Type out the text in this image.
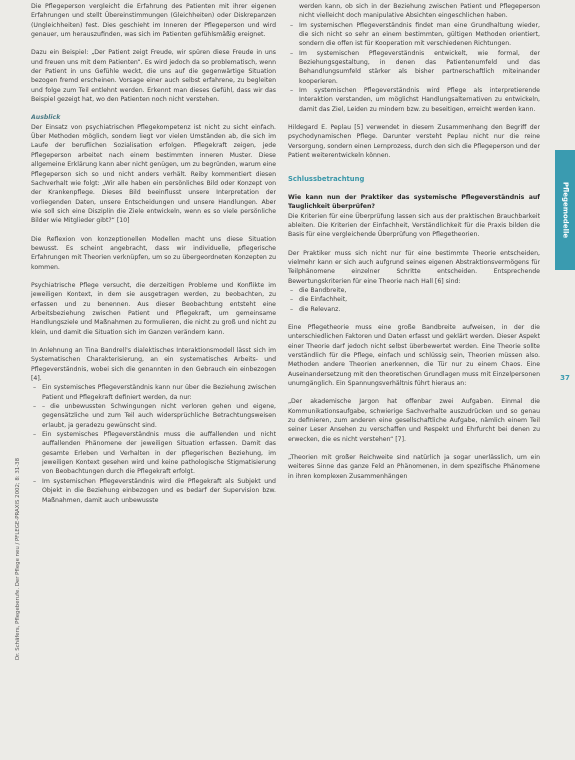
Die Pflegeperson vergleicht die Erfahrung des Patienten mit ihrer eigenen Erfahrungen und stellt Übereinstimmungen (Gleichheiten) oder Diskrepanzen (Ungleichheiten) fest. Dies geschieht im Inneren der Pflegeperson und wird genauer, um herauszufinden, was sich im Patienten gefühlsmäßig ereignet.

Dazu ein Beispiel: „Der Patient zeigt Freude, wir spüren diese Freude in uns und freuen uns mit dem Patienten“. Es wird jedoch da so problematisch, wenn der Patient in uns Gefühle weckt, die uns auf die gegenwärtige Situation bezogen fremd erscheinen. Vorsage einer auch selbst erfahrene, zu begleiten und folge zum Teil entlehnt werden. Erkennt man dieses Gefühl, dass wir das Beispiel gezeigt hat, wo den Patienten noch nicht verstehen.

Ausblick

Der Einsatz von psychiatrischen Pflegekompetenz ist nicht zu sicht einfach. Über Methoden möglich, sondern liegt vor vielen Umständen ab, die sich im Laufe der beruflichen Sozialisation erfolgen. Pflegekraft zeigen, jede Pflegeperson arbeitet nach einem bestimmten inneren Muster. Diese allgemeine Erklärung kann aber nicht genügen, um zu begründen, warum eine Pflegeperson sich so und nicht anders verhält. Reiby kommentiert diesen Sachverhalt wie folgt: „Wir alle haben ein persönliches Bild oder Konzept von der Krankenpflege. Dieses Bild beeinflusst unsere Interpretation der vorliegenden Daten, unsere Entscheidungen und unsere Handlungen. Aber wie soll sich eine Disziplin die Ziele entwickeln, wenn es so viele persönliche Bilder wie Mitglieder gibt?“ [10]

Die Reflexion von konzeptionellen Modellen macht uns diese Situation bewusst. Es scheint angebracht, dass wir individuelle, pflegerische Erfahrungen mit Theorien verknüpfen, um so zu übergeordneten Konzepten zu kommen.

Psychiatrische Pflege versucht, die derzeitigen Probleme und Konflikte im jeweiligen Kontext, in dem sie ausgetragen werden, zu beobachten, zu erfassen und zu benennen. Aus dieser Beobachtung entsteht eine Arbeitsbeziehung zwischen Patient und Pflegekraft, um gemeinsame Handlungsziele und Maßnahmen zu formulieren, die nicht zu groß und nicht zu klein, und damit die Situation sich im Ganzen verändern kann.

In Anlehnung an Tina Bandrell's dialektisches Interaktionsmodell lässt sich im Systematischen Charakterisierung, an ein systematisches Arbeits- und Pflegeverständnis, wobei sich die genannten in den Gebrauch ein einbezogen [4].

– Ein systemisches Pflegeverständnis kann nur über die Beziehung zwischen Patient und Pflegekraft definiert werden, da nur:
– – die unbewussten Schwingungen nicht verloren gehen und eigene, gegensätzliche und zum Teil auch widersprüchliche Betrachtungsweisen erlaubt, ja geradezu gewünscht sind.
– Ein systemisches Pflegeverständnis muss die auffallenden und nicht auffallenden Phänomene der jeweiligen Situation erfassen. Damit das gesamte Erleben und Verhalten in der pflegerischen Beziehung, im jeweiligen Kontext gesehen wird und keine pathologische Stigmatisierung von Beobachtungen durch die Pflegekraft erfolgt.
– Im systemischen Pflegeverständnis wird die Pflegekraft als Subjekt und Objekt in die Beziehung einbezogen und es bedarf der Supervision bzw. Maßnahmen, damit auch unbewusste

werden kann, ob sich in der Beziehung zwischen Patient und Pflegeperson nicht vielleicht doch manipulative Absichten eingeschlichen haben.

– Im systemischen Pflegeverständnis findet man eine Grundhaltung wieder, die sich nicht so sehr an einem bestimmten, gültigen Methoden orientiert, sondern die offen ist für Kooperation mit verschiedenen Richtungen.
– Im systemischen Pflegeverständnis entwickelt, wie formal, der Beziehungsgestaltung, in denen das Patientenumfeld und das Behandlungsumfeld stärker als bisher partnerschaftlich miteinander kooperieren.
– Im systemischen Pflegeverständnis wird Pflege als interpretierende Interaktion verstanden, um möglichst Handlungsalternativen zu entwickeln, damit das Ziel, Leiden zu mindern bzw. zu beseitigen, erreicht werden kann.

Hildegard E. Peplau [5] verwendet in diesem Zusammenhang den Begriff der psychodynamischen Pflege. Darunter versteht Peplau nicht nur die reine Versorgung, sondern einen Lernprozess, durch den sich die Pflegeperson und der Patient weiterentwickeln können.

Schlussbetrachtung

Wie kann nun der Praktiker das systemische Pflegeverständnis auf Tauglichkeit überprüfen?

Die Kriterien für eine Überprüfung lassen sich aus der praktischen Brauchbarkeit ableiten. Die Kriterien der Einfachheit, Verständlichkeit für die Praxis bilden die Basis für eine vergleichende Überprüfung von Pflegetheorien.

Der Praktiker muss sich nicht nur für eine bestimmte Theorie entscheiden, vielmehr kann er sich auch aufgrund seines eigenen Abstraktionsvermögens für Teilphänomene einzelner Schritte entscheiden. Entsprechende Bewertungskriterien für eine Theorie nach Hall [6] sind:

– die Bandbreite,
– die Einfachheit,
– die Relevanz.

Eine Pflegetheorie muss eine große Bandbreite aufweisen, in der die unterschiedlichen Faktoren und Daten erfasst und geklärt werden. Dieser Aspekt einer Theorie darf jedoch nicht selbst überbewertet werden. Eine Theorie sollte verständlich für die Pflege, einfach und schlüssig sein, Theorien müssen also. Methoden andere Theorien anerkennen, die Tür nur zu einem Chaos. Eine Auseinandersetzung mit den theoretischen Grundlagen muss mit Einzelpersonen unumgänglich. Ein Spannungsverhältnis führt hieraus an:

„Der akademische Jargon hat offenbar zwei Aufgaben. Einmal die Kommunikationsaufgabe, schwierige Sachverhalte auszudrücken und so genau zu definieren, zum anderen eine gesellschaftliche Aufgabe, nämlich einem Teil seiner Leser Ansehen zu verschaffen und Respekt und Ehrfurcht bei denen zu erwecken, die es nicht verstehen“ [7].

„Theorien mit großer Reichweite sind natürlich ja sogar unerlässlich, um ein weiteres Sinne das ganze Feld an Phänomenen, in dem spezifische Phänomene in ihren komplexen Zusammenhängen

Pflegemodelle
37
Dr. Schäfers, Pflegeberufe. Der Pflege neu / PFLEGE-PRAXIS 2002; 8: 31-38
